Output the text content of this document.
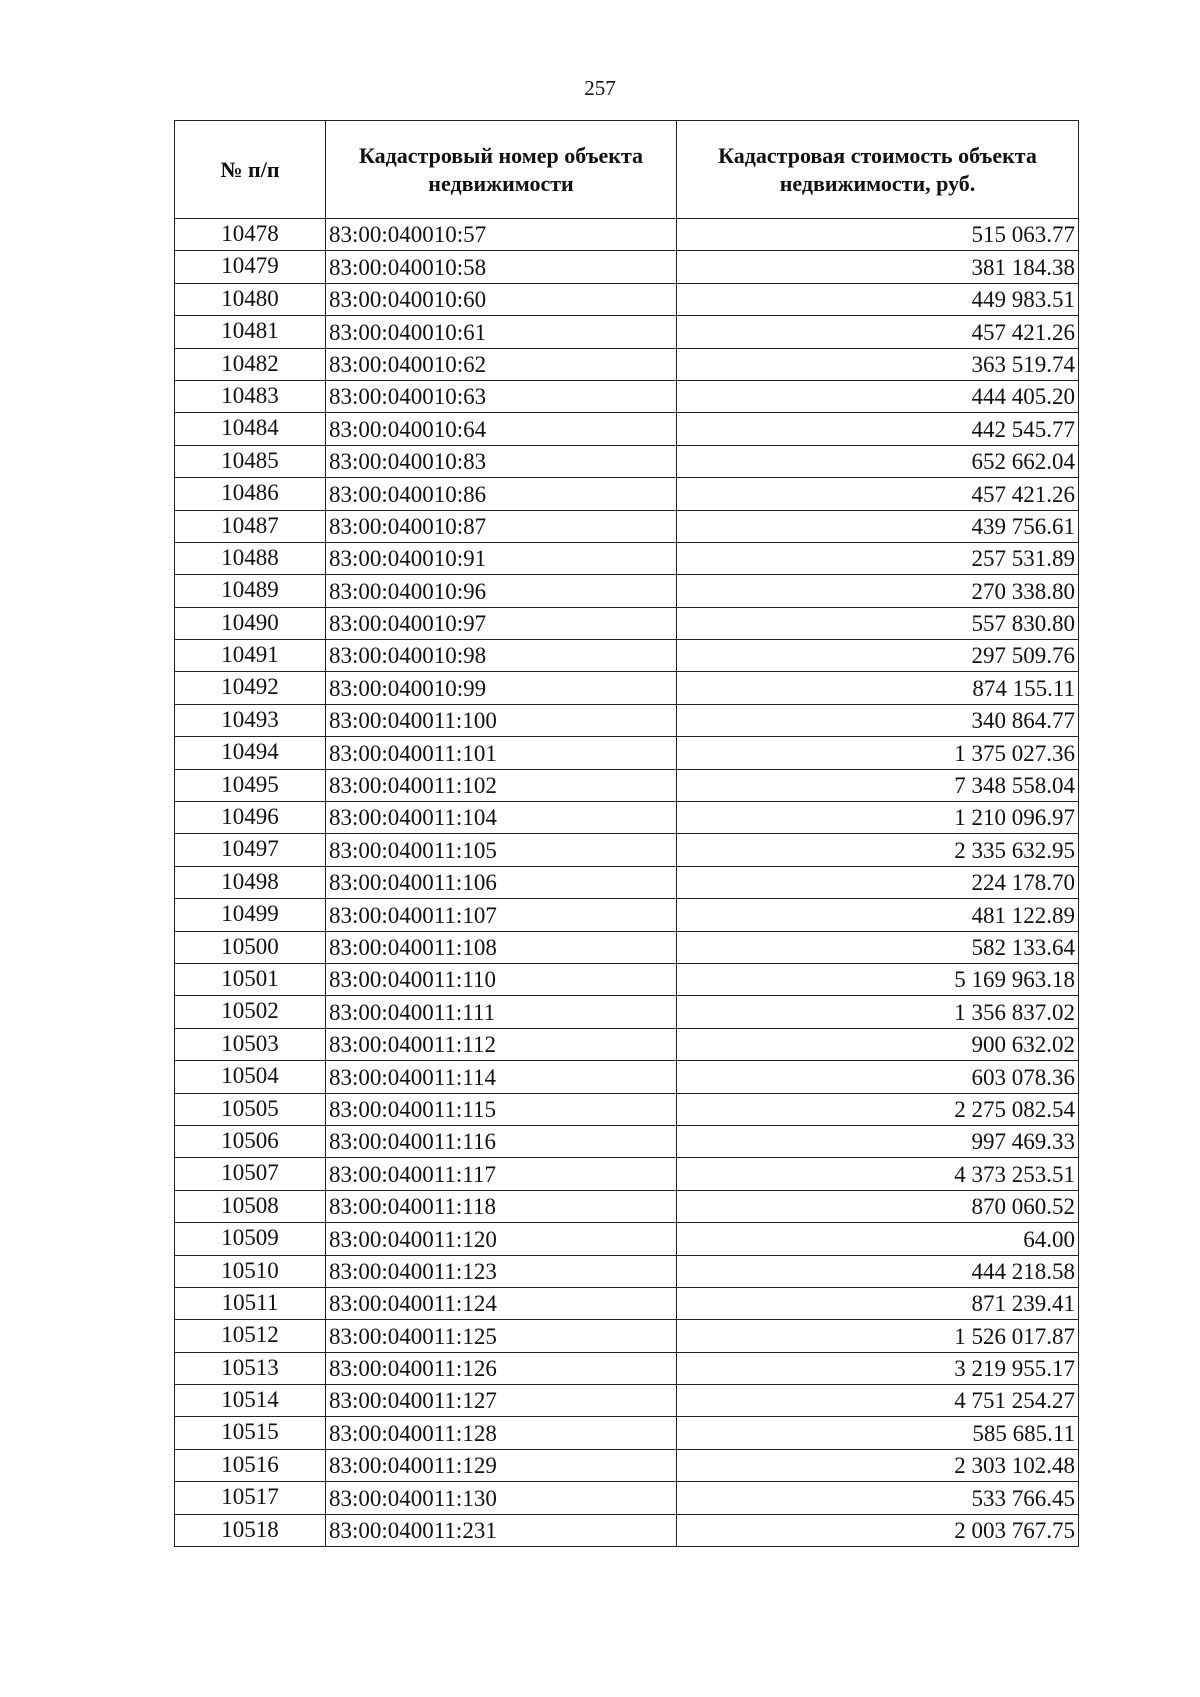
257
№ п/п	Кадастровый номер объекта недвижимости	Кадастровая стоимость объекта недвижимости, руб.
10478	83:00:040010:57	515 063.77
10479	83:00:040010:58	381 184.38
10480	83:00:040010:60	449 983.51
10481	83:00:040010:61	457 421.26
10482	83:00:040010:62	363 519.74
10483	83:00:040010:63	444 405.20
10484	83:00:040010:64	442 545.77
10485	83:00:040010:83	652 662.04
10486	83:00:040010:86	457 421.26
10487	83:00:040010:87	439 756.61
10488	83:00:040010:91	257 531.89
10489	83:00:040010:96	270 338.80
10490	83:00:040010:97	557 830.80
10491	83:00:040010:98	297 509.76
10492	83:00:040010:99	874 155.11
10493	83:00:040011:100	340 864.77
10494	83:00:040011:101	1 375 027.36
10495	83:00:040011:102	7 348 558.04
10496	83:00:040011:104	1 210 096.97
10497	83:00:040011:105	2 335 632.95
10498	83:00:040011:106	224 178.70
10499	83:00:040011:107	481 122.89
10500	83:00:040011:108	582 133.64
10501	83:00:040011:110	5 169 963.18
10502	83:00:040011:111	1 356 837.02
10503	83:00:040011:112	900 632.02
10504	83:00:040011:114	603 078.36
10505	83:00:040011:115	2 275 082.54
10506	83:00:040011:116	997 469.33
10507	83:00:040011:117	4 373 253.51
10508	83:00:040011:118	870 060.52
10509	83:00:040011:120	64.00
10510	83:00:040011:123	444 218.58
10511	83:00:040011:124	871 239.41
10512	83:00:040011:125	1 526 017.87
10513	83:00:040011:126	3 219 955.17
10514	83:00:040011:127	4 751 254.27
10515	83:00:040011:128	585 685.11
10516	83:00:040011:129	2 303 102.48
10517	83:00:040011:130	533 766.45
10518	83:00:040011:231	2 003 767.75
